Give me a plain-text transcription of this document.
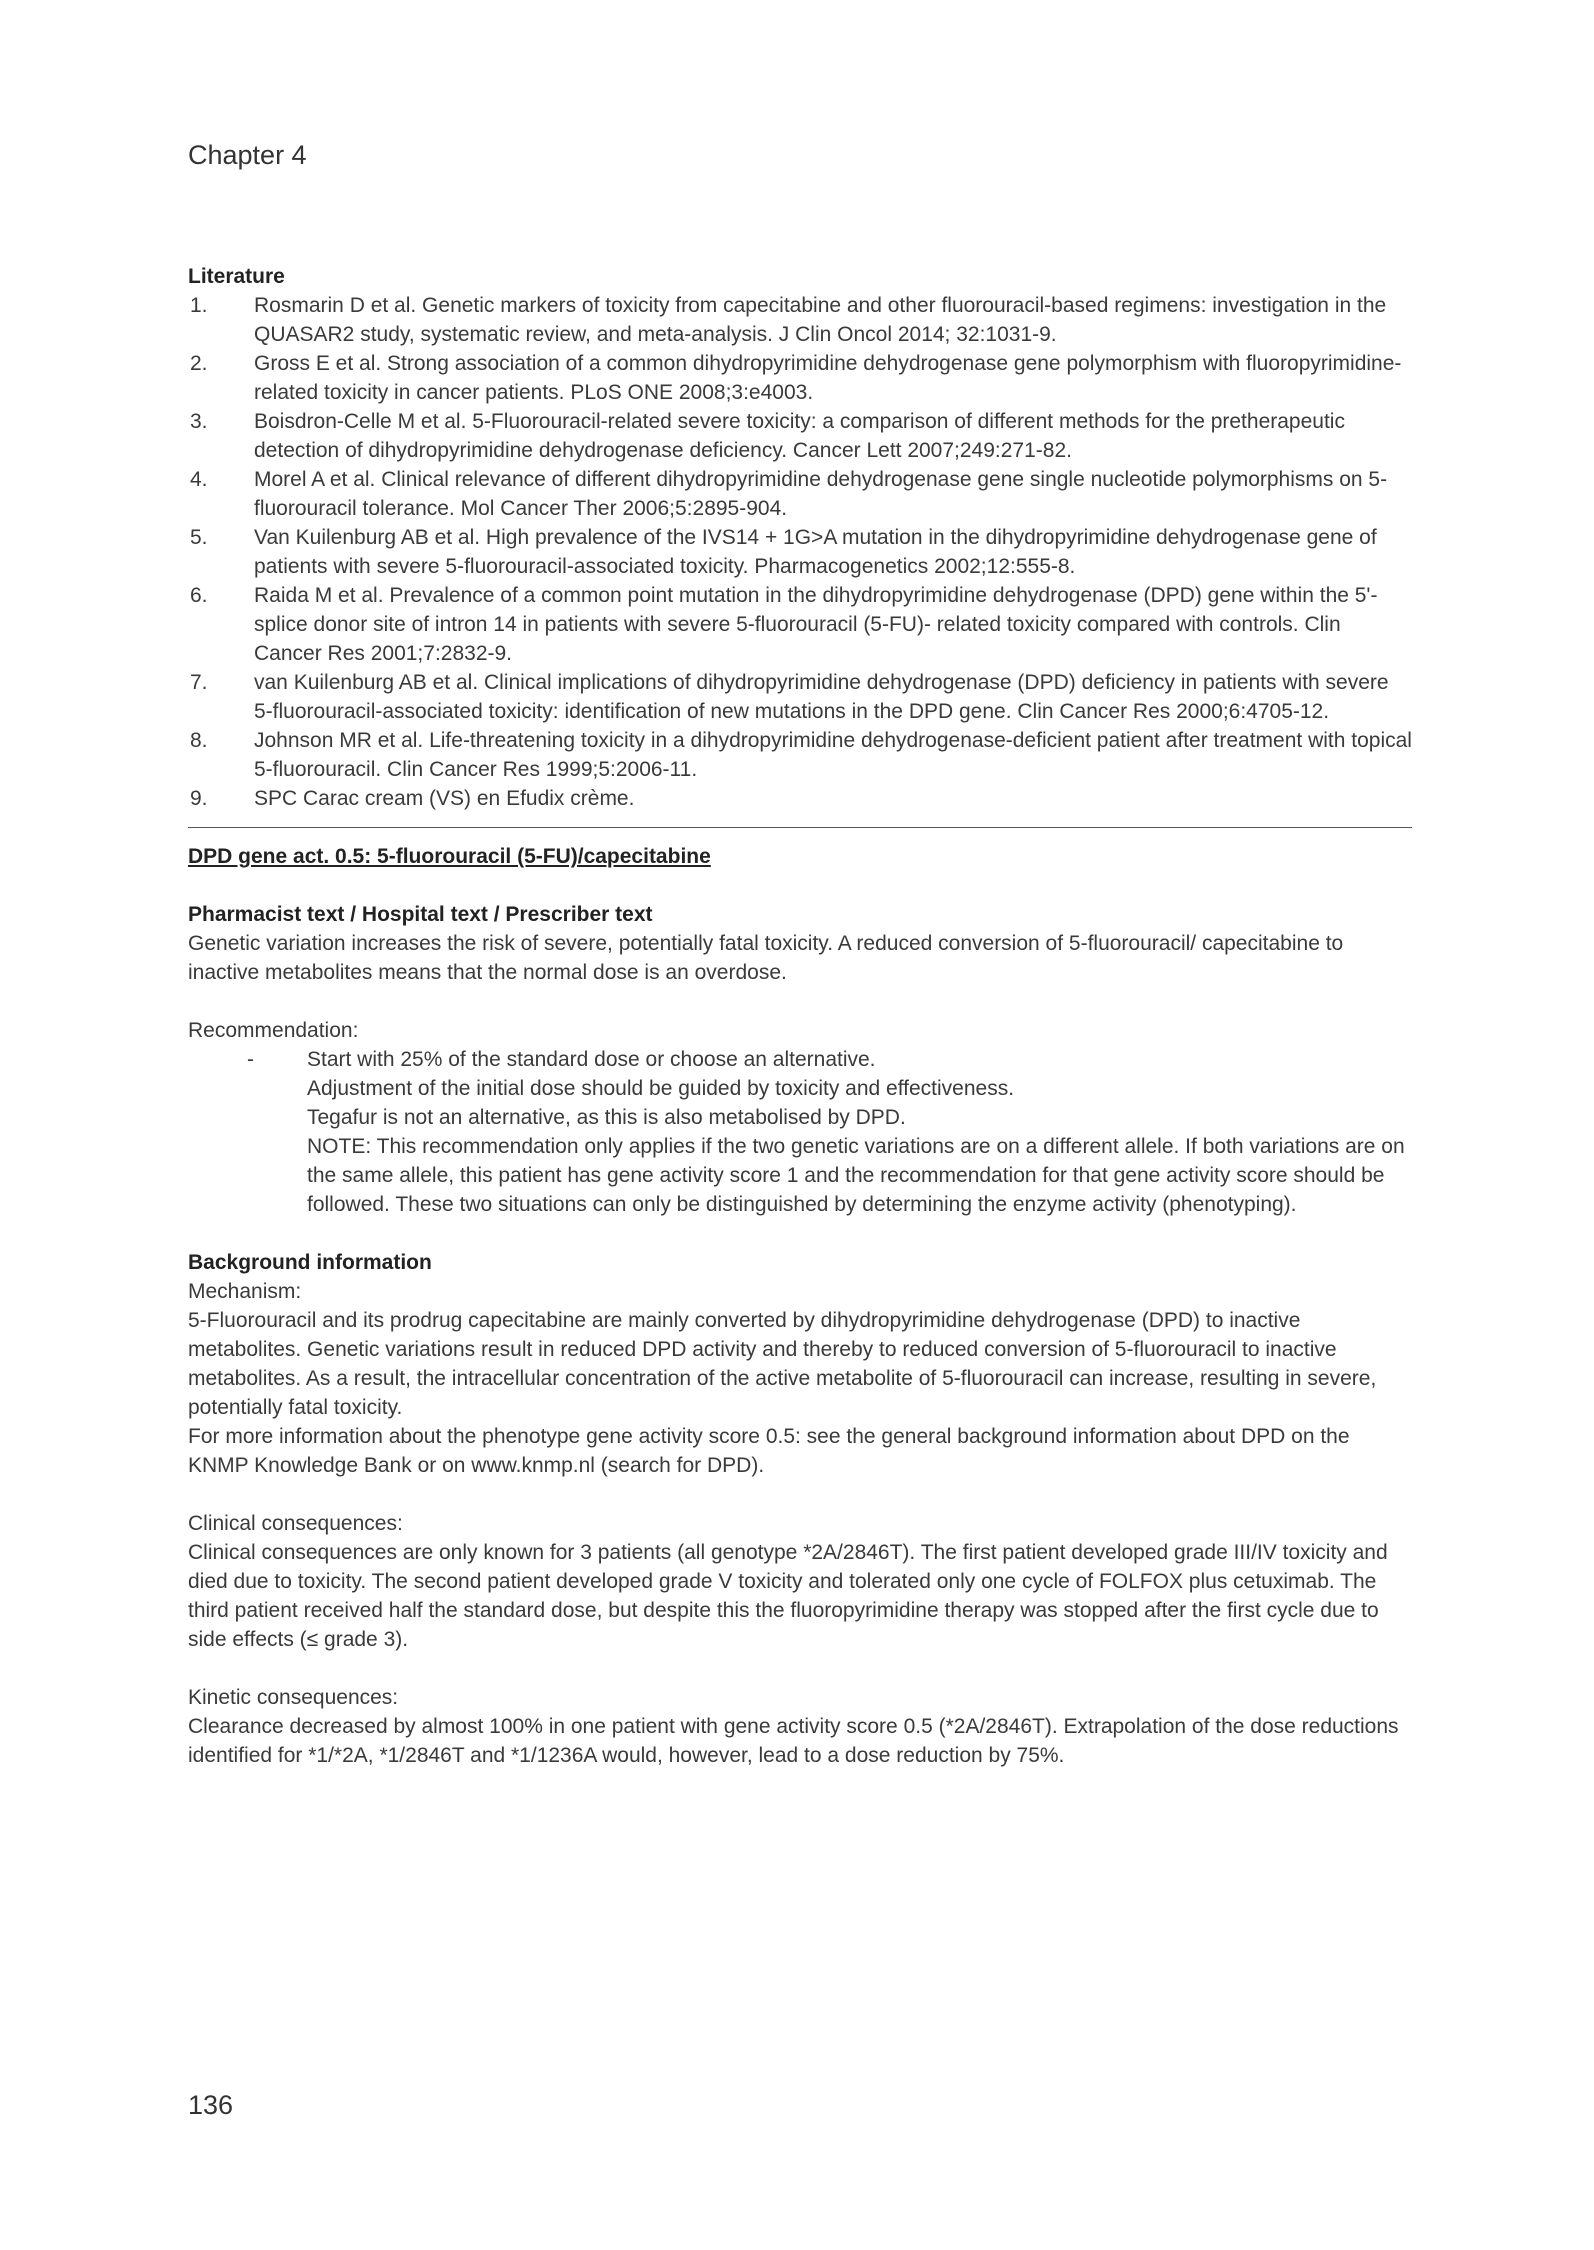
Chapter 4

Literature

1. Rosmarin D et al. Genetic markers of toxicity from capecitabine and other fluorouracil-based regimens: investigation in the QUASAR2 study, systematic review, and meta-analysis. J Clin Oncol 2014; 32:1031-9.
2. Gross E et al. Strong association of a common dihydropyrimidine dehydrogenase gene polymorphism with fluoropyrimidine-related toxicity in cancer patients. PLoS ONE 2008;3:e4003.
3. Boisdron-Celle M et al. 5-Fluorouracil-related severe toxicity: a comparison of different methods for the pretherapeutic detection of dihydropyrimidine dehydrogenase deficiency. Cancer Lett 2007;249:271-82.
4. Morel A et al. Clinical relevance of different dihydropyrimidine dehydrogenase gene single nucleotide polymorphisms on 5-fluorouracil tolerance. Mol Cancer Ther 2006;5:2895-904.
5. Van Kuilenburg AB et al. High prevalence of the IVS14 + 1G>A mutation in the dihydropyrimidine dehydrogenase gene of patients with severe 5-fluorouracil-associated toxicity. Pharmacogenetics 2002;12:555-8.
6. Raida M et al. Prevalence of a common point mutation in the dihydropyrimidine dehydrogenase (DPD) gene within the 5'-splice donor site of intron 14 in patients with severe 5-fluorouracil (5-FU)- related toxicity compared with controls. Clin Cancer Res 2001;7:2832-9.
7. van Kuilenburg AB et al. Clinical implications of dihydropyrimidine dehydrogenase (DPD) deficiency in patients with severe 5-fluorouracil-associated toxicity: identification of new mutations in the DPD gene. Clin Cancer Res 2000;6:4705-12.
8. Johnson MR et al. Life-threatening toxicity in a dihydropyrimidine dehydrogenase-deficient patient after treatment with topical 5-fluorouracil. Clin Cancer Res 1999;5:2006-11.
9. SPC Carac cream (VS) en Efudix crème.

DPD gene act. 0.5: 5-fluorouracil (5-FU)/capecitabine

Pharmacist text / Hospital text / Prescriber text

Genetic variation increases the risk of severe, potentially fatal toxicity. A reduced conversion of 5-fluorouracil/ capecitabine to inactive metabolites means that the normal dose is an overdose.

Recommendation:

-	Start with 25% of the standard dose or choose an alternative.

Adjustment of the initial dose should be guided by toxicity and effectiveness.

Tegafur is not an alternative, as this is also metabolised by DPD.

NOTE: This recommendation only applies if the two genetic variations are on a different allele. If both variations are on the same allele, this patient has gene activity score 1 and the recommendation for that gene activity score should be followed. These two situations can only be distinguished by determining the enzyme activity (phenotyping).

Background information

Mechanism:

5-Fluorouracil and its prodrug capecitabine are mainly converted by dihydropyrimidine dehydrogenase (DPD) to inactive metabolites. Genetic variations result in reduced DPD activity and thereby to reduced conversion of 5-fluorouracil to inactive metabolites. As a result, the intracellular concentration of the active metabolite of 5-fluorouracil can increase, resulting in severe, potentially fatal toxicity.

For more information about the phenotype gene activity score 0.5: see the general background information about DPD on the KNMP Knowledge Bank or on www.knmp.nl (search for DPD).

Clinical consequences:

Clinical consequences are only known for 3 patients (all genotype *2A/2846T). The first patient developed grade III/IV toxicity and died due to toxicity. The second patient developed grade V toxicity and tolerated only one cycle of FOLFOX plus cetuximab. The third patient received half the standard dose, but despite this the fluoropyrimidine therapy was stopped after the first cycle due to side effects (≤ grade 3).

Kinetic consequences:

Clearance decreased by almost 100% in one patient with gene activity score 0.5 (*2A/2846T). Extrapolation of the dose reductions identified for *1/*2A, *1/2846T and *1/1236A would, however, lead to a dose reduction by 75%.

136
